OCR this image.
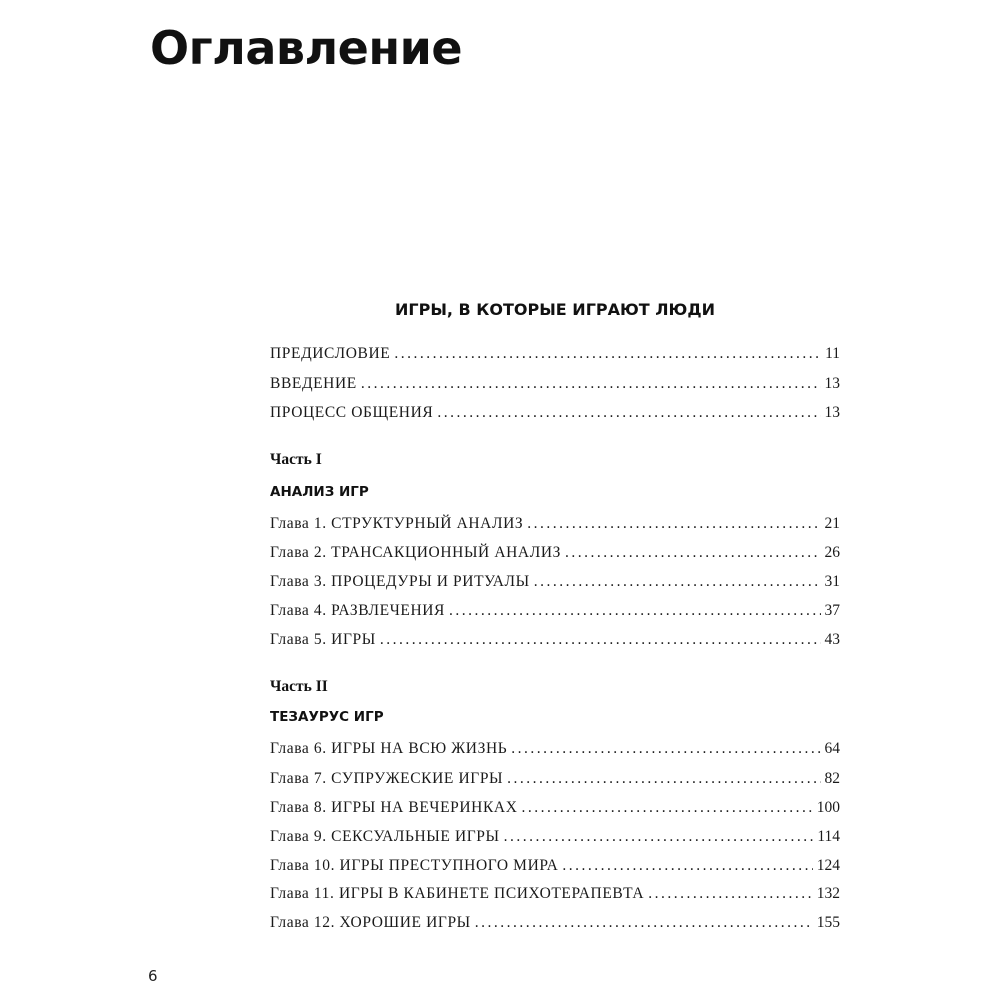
Оглавление
ИГРЫ, В КОТОРЫЕ ИГРАЮТ ЛЮДИ
ПРЕДИСЛОВИЕ .....	11
ВВЕДЕНИЕ .....	13
ПРОЦЕСС ОБЩЕНИЯ .....	13

Часть I

АНАЛИЗ ИГР

Глава 1. СТРУКТУРНЫЙ АНАЛИЗ .....	21
Глава 2. ТРАНСАКЦИОННЫЙ АНАЛИЗ .....	26
Глава 3. ПРОЦЕДУРЫ И РИТУАЛЫ .....	31
Глава 4. РАЗВЛЕЧЕНИЯ .....	37
Глава 5. ИГРЫ .....	43

Часть II

ТЕЗАУРУС ИГР

Глава 6. ИГРЫ НА ВСЮ ЖИЗНЬ .....	64
Глава 7. СУПРУЖЕСКИЕ ИГРЫ .....	82
Глава 8. ИГРЫ НА ВЕЧЕРИНКАХ .....	100
Глава 9. СЕКСУАЛЬНЫЕ ИГРЫ .....	114
Глава 10. ИГРЫ ПРЕСТУПНОГО МИРА .....	124
Глава 11. ИГРЫ В КАБИНЕТЕ ПСИХОТЕРАПЕВТА .....	132
Глава 12. ХОРОШИЕ ИГРЫ .....	155
6
